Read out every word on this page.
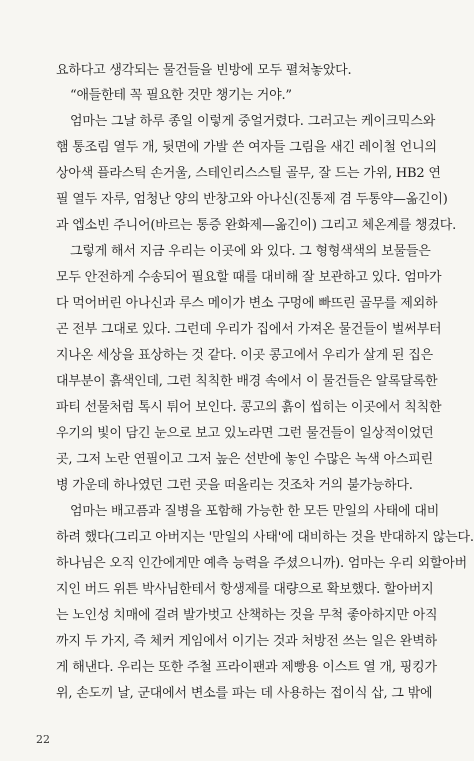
요하다고 생각되는 물건들을 빈방에 모두 펼쳐놓았다.
“애들한테 꼭 필요한 것만 챙기는 거야.”
엄마는 그날 하루 종일 이렇게 중얼거렸다. 그러고는 케이크믹스와
햄 통조림 열두 개, 뒷면에 가발 쓴 여자들 그림을 새긴 레이철 언니의
상아색 플라스틱 손거울, 스테인리스스틸 골무, 잘 드는 가위, HB2 연
필 열두 자루, 엄청난 양의 반창고와 아나신(진통제 겸 두통약—옮긴이)
과 엡소빈 주니어(바르는 통증 완화제—옮긴이) 그리고 체온계를 챙겼다.
그렇게 해서 지금 우리는 이곳에 와 있다. 그 형형색색의 보물들은
모두 안전하게 수송되어 필요할 때를 대비해 잘 보관하고 있다. 엄마가
다 먹어버린 아나신과 루스 메이가 변소 구멍에 빠뜨린 골무를 제외하
곤 전부 그대로 있다. 그런데 우리가 집에서 가져온 물건들이 벌써부터
지나온 세상을 표상하는 것 같다. 이곳 콩고에서 우리가 살게 된 집은
대부분이 흙색인데, 그런 칙칙한 배경 속에서 이 물건들은 알록달록한
파티 선물처럼 톡시 튀어 보인다. 콩고의 흙이 씹히는 이곳에서 칙칙한
우기의 빛이 담긴 눈으로 보고 있노라면 그런 물건들이 일상적이었던
곳, 그저 노란 연필이고 그저 높은 선반에 놓인 수많은 녹색 아스피린
병 가운데 하나였던 그런 곳을 떠올리는 것조차 거의 불가능하다.
엄마는 배고픔과 질병을 포함해 가능한 한 모든 만일의 사태에 대비
하려 했다(그리고 아버지는 '만일의 사태'에 대비하는 것을 반대하지 않는다.
하나님은 오직 인간에게만 예측 능력을 주셨으니까). 엄마는 우리 외할아버
지인 버드 위튼 박사님한테서 항생제를 대량으로 확보했다. 할아버지
는 노인성 치매에 걸려 발가벗고 산책하는 것을 무척 좋아하지만 아직
까지 두 가지, 즉 체커 게임에서 이기는 것과 처방전 쓰는 일은 완벽하
게 해낸다. 우리는 또한 주철 프라이팬과 제빵용 이스트 열 개, 핑킹가
위, 손도끼 날, 군대에서 변소를 파는 데 사용하는 접이식 삽, 그 밖에
22
